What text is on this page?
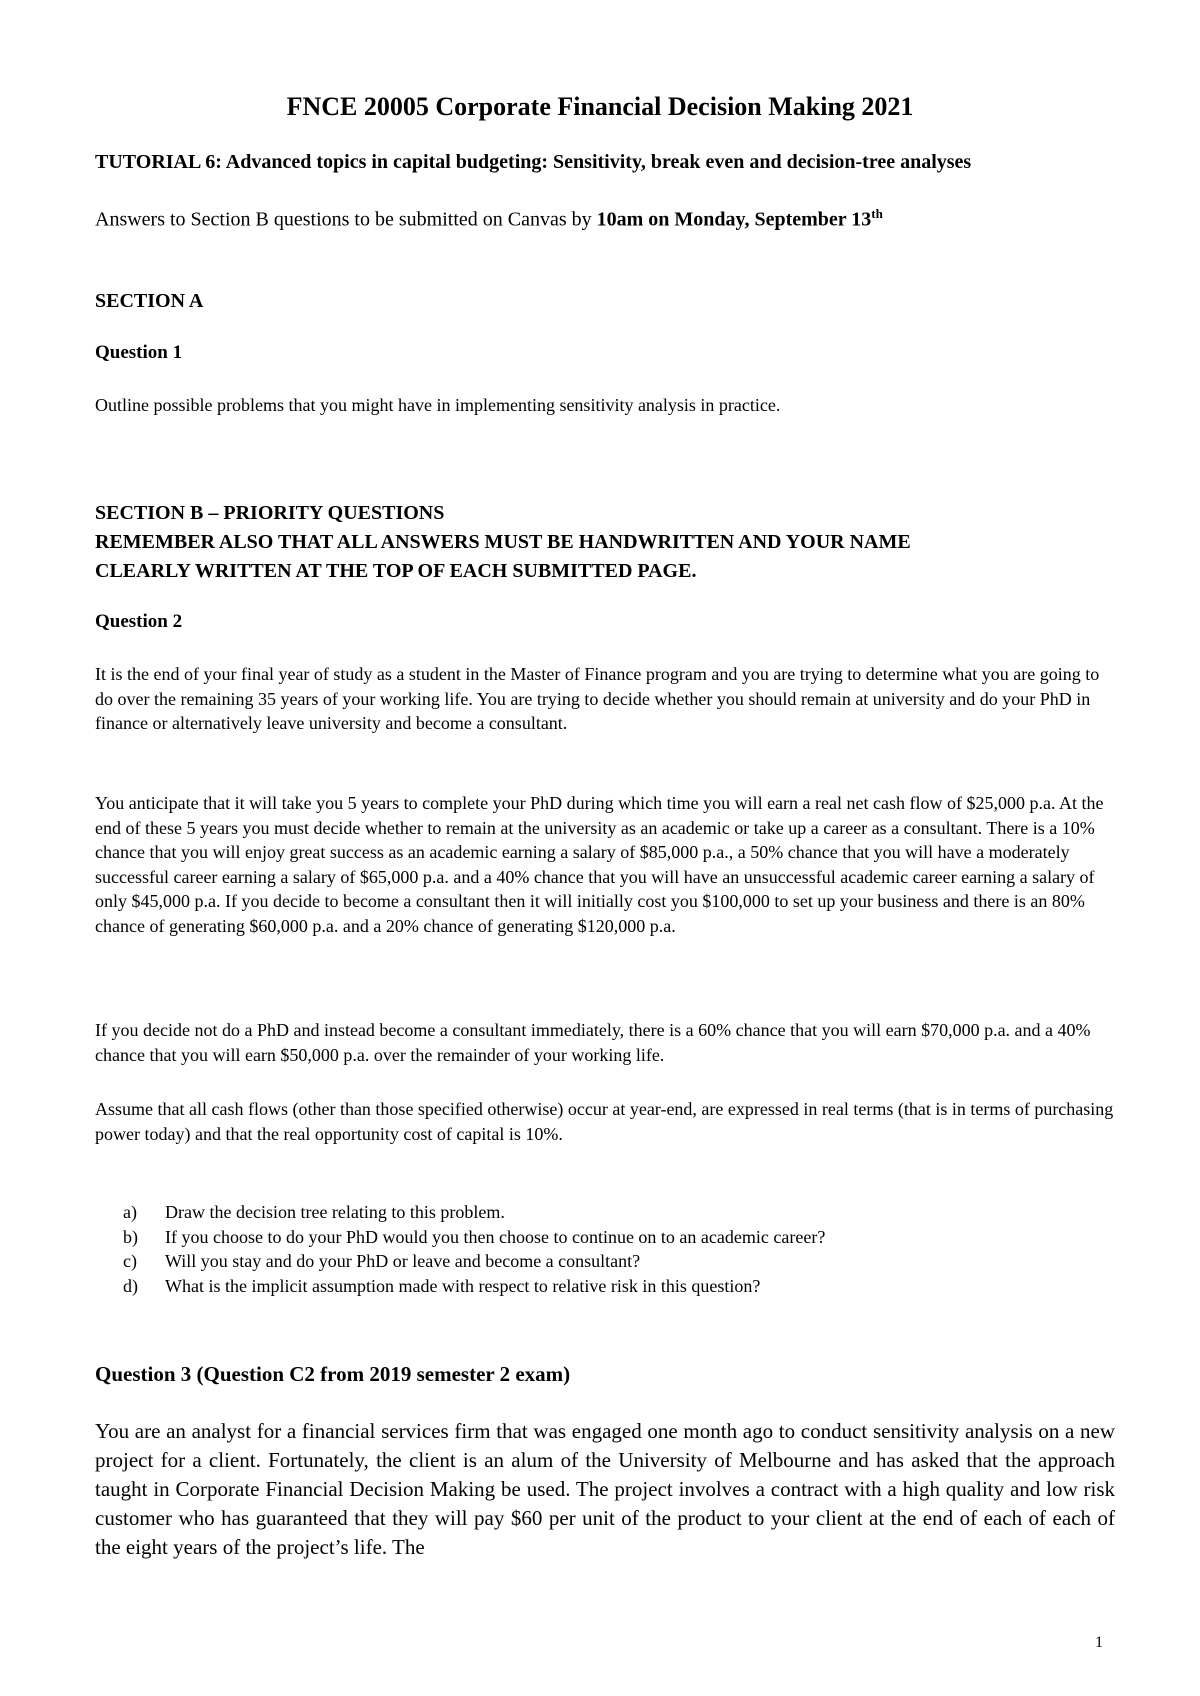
FNCE 20005 Corporate Financial Decision Making 2021
TUTORIAL 6: Advanced topics in capital budgeting: Sensitivity, break even and decision-tree analyses
Answers to Section B questions to be submitted on Canvas by 10am on Monday, September 13th
SECTION A
Question 1
Outline possible problems that you might have in implementing sensitivity analysis in practice.
SECTION B – PRIORITY QUESTIONS
REMEMBER ALSO THAT ALL ANSWERS MUST BE HANDWRITTEN AND YOUR NAME
CLEARLY WRITTEN AT THE TOP OF EACH SUBMITTED PAGE.
Question 2
It is the end of your final year of study as a student in the Master of Finance program and you are trying to determine what you are going to do over the remaining 35 years of your working life. You are trying to decide whether you should remain at university and do your PhD in finance or alternatively leave university and become a consultant.
You anticipate that it will take you 5 years to complete your PhD during which time you will earn a real net cash flow of $25,000 p.a. At the end of these 5 years you must decide whether to remain at the university as an academic or take up a career as a consultant. There is a 10% chance that you will enjoy great success as an academic earning a salary of $85,000 p.a., a 50% chance that you will have a moderately successful career earning a salary of $65,000 p.a. and a 40% chance that you will have an unsuccessful academic career earning a salary of only $45,000 p.a. If you decide to become a consultant then it will initially cost you $100,000 to set up your business and there is an 80% chance of generating $60,000 p.a. and a 20% chance of generating $120,000 p.a.
If you decide not do a PhD and instead become a consultant immediately, there is a 60% chance that you will earn $70,000 p.a. and a 40% chance that you will earn $50,000 p.a. over the remainder of your working life.
Assume that all cash flows (other than those specified otherwise) occur at year-end, are expressed in real terms (that is in terms of purchasing power today) and that the real opportunity cost of capital is 10%.
a) Draw the decision tree relating to this problem.
b) If you choose to do your PhD would you then choose to continue on to an academic career?
c) Will you stay and do your PhD or leave and become a consultant?
d) What is the implicit assumption made with respect to relative risk in this question?
Question 3 (Question C2 from 2019 semester 2 exam)
You are an analyst for a financial services firm that was engaged one month ago to conduct sensitivity analysis on a new project for a client. Fortunately, the client is an alum of the University of Melbourne and has asked that the approach taught in Corporate Financial Decision Making be used. The project involves a contract with a high quality and low risk customer who has guaranteed that they will pay $60 per unit of the product to your client at the end of each of each of the eight years of the project’s life. The
1
